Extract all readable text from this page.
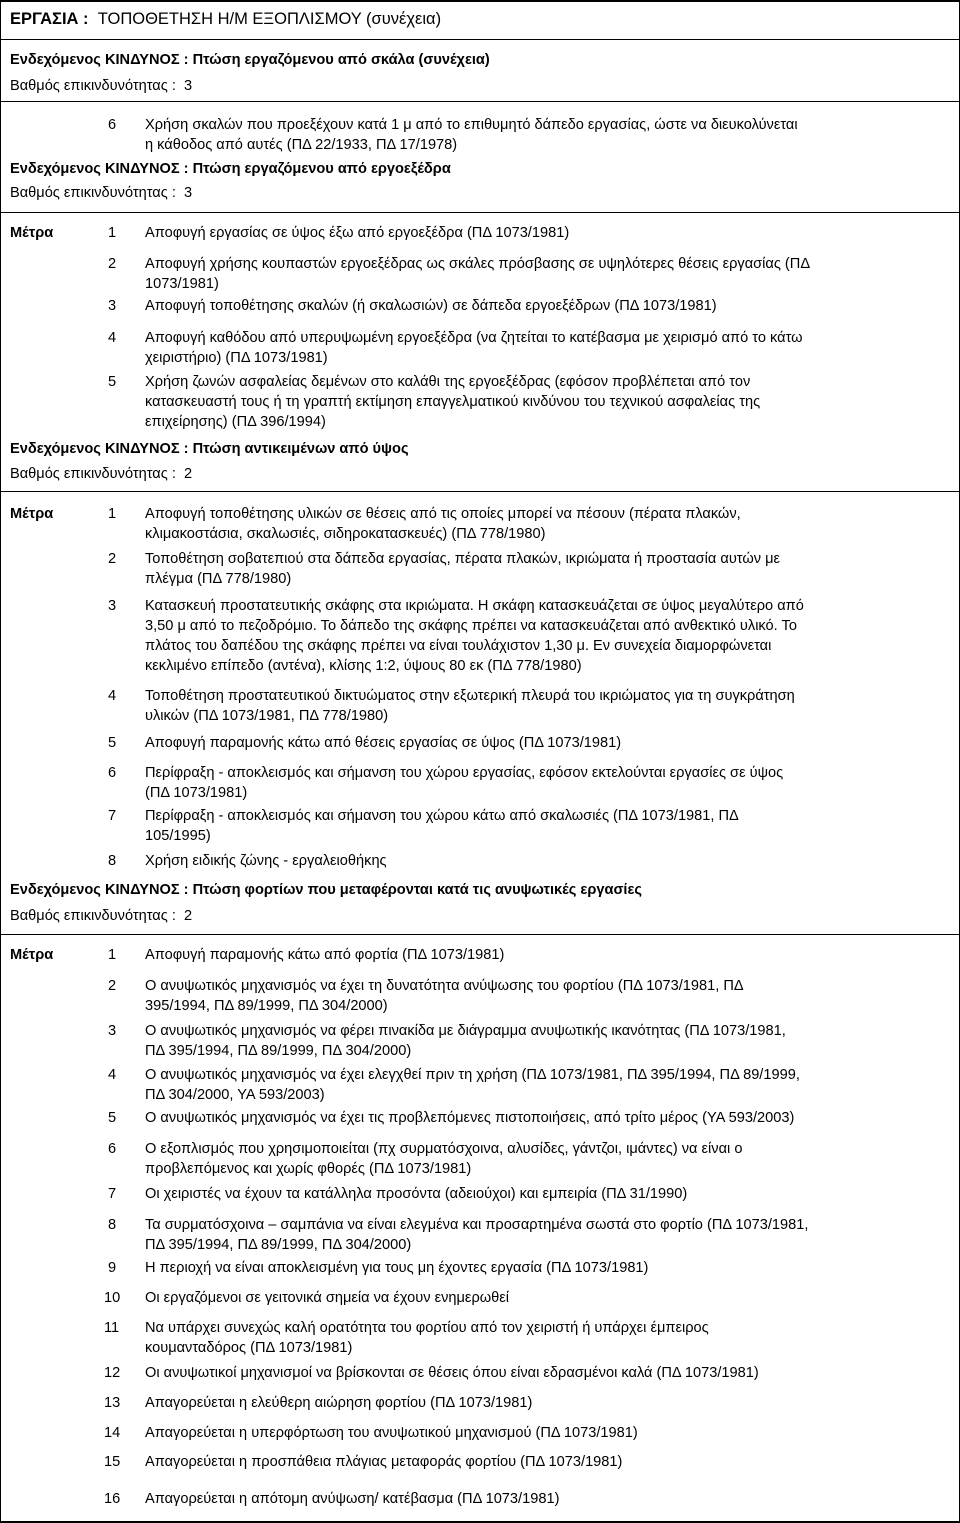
ΕΡΓΑΣΙΑ : ΤΟΠΟΘΕΤΗΣΗ Η/Μ ΕΞΟΠΛΙΣΜΟΥ (συνέχεια)
Ενδεχόμενος ΚΙΝΔΥΝΟΣ : Πτώση εργαζόμενου από σκάλα (συνέχεια)
Βαθμός επικινδυνότητας : 3
6 Χρήση σκαλών που προεξέχουν κατά 1 μ από το επιθυμητό δάπεδο εργασίας, ώστε να διευκολύνεται
η κάθοδος από αυτές (ΠΔ 22/1933, ΠΔ 17/1978)
Ενδεχόμενος ΚΙΝΔΥΝΟΣ : Πτώση εργαζόμενου από εργοεξέδρα
Βαθμός επικινδυνότητας : 3
Μέτρα	1 Αποφυγή εργασίας σε ύψος έξω από εργοεξέδρα (ΠΔ 1073/1981)
2 Αποφυγή χρήσης κουπαστών εργοεξέδρας ως σκάλες πρόσβασης σε υψηλότερες θέσεις εργασίας (ΠΔ
1073/1981)
3 Αποφυγή τοποθέτησης σκαλών (ή σκαλωσιών) σε δάπεδα εργοεξέδρων (ΠΔ 1073/1981)
4 Αποφυγή καθόδου από υπερυψωμένη εργοεξέδρα (να ζητείται το κατέβασμα με χειρισμό από το κάτω
χειριστήριο) (ΠΔ 1073/1981)
5 Χρήση ζωνών ασφαλείας δεμένων στο καλάθι της εργοεξέδρας (εφόσον προβλέπεται από τον
κατασκευαστή τους ή τη γραπτή εκτίμηση επαγγελματικού κινδύνου του τεχνικού ασφαλείας της
επιχείρησης) (ΠΔ 396/1994)
Ενδεχόμενος ΚΙΝΔΥΝΟΣ : Πτώση αντικειμένων από ύψος
Βαθμός επικινδυνότητας : 2
Μέτρα	1 Αποφυγή τοποθέτησης υλικών σε θέσεις από τις οποίες μπορεί να πέσουν (πέρατα πλακών,
κλιμακοστάσια, σκαλωσιές, σιδηροκατασκευές) (ΠΔ 778/1980)
2 Τοποθέτηση σοβατεπιού στα δάπεδα εργασίας, πέρατα πλακών, ικριώματα ή προστασία αυτών με
πλέγμα (ΠΔ 778/1980)
3 Κατασκευή προστατευτικής σκάφης στα ικριώματα. Η σκάφη κατασκευάζεται σε ύψος μεγαλύτερο από
3,50 μ από το πεζοδρόμιο. Το δάπεδο της σκάφης πρέπει να κατασκευάζεται από ανθεκτικό υλικό. Το
πλάτος του δαπέδου της σκάφης πρέπει να είναι τουλάχιστον 1,30 μ. Εν συνεχεία διαμορφώνεται
κεκλιμένο επίπεδο (αντένα), κλίσης 1:2, ύψους 80 εκ (ΠΔ 778/1980)
4 Τοποθέτηση προστατευτικού δικτυώματος στην εξωτερική πλευρά του ικριώματος για τη συγκράτηση
υλικών (ΠΔ 1073/1981, ΠΔ 778/1980)
5 Αποφυγή παραμονής κάτω από θέσεις εργασίας σε ύψος (ΠΔ 1073/1981)
6 Περίφραξη - αποκλεισμός και σήμανση του χώρου εργασίας, εφόσον εκτελούνται εργασίες σε ύψος
(ΠΔ 1073/1981)
7 Περίφραξη - αποκλεισμός και σήμανση του χώρου κάτω από σκαλωσιές (ΠΔ 1073/1981, ΠΔ
105/1995)
8 Χρήση ειδικής ζώνης - εργαλειοθήκης
Ενδεχόμενος ΚΙΝΔΥΝΟΣ : Πτώση φορτίων που μεταφέρονται κατά τις ανυψωτικές εργασίες
Βαθμός επικινδυνότητας : 2
Μέτρα	1 Αποφυγή παραμονής κάτω από φορτία (ΠΔ 1073/1981)
2 Ο ανυψωτικός μηχανισμός να έχει τη δυνατότητα ανύψωσης του φορτίου (ΠΔ 1073/1981, ΠΔ
395/1994, ΠΔ 89/1999, ΠΔ 304/2000)
3 Ο ανυψωτικός μηχανισμός να φέρει πινακίδα με διάγραμμα ανυψωτικής ικανότητας (ΠΔ 1073/1981,
ΠΔ 395/1994, ΠΔ 89/1999, ΠΔ 304/2000)
4 Ο ανυψωτικός μηχανισμός να έχει ελεγχθεί πριν τη χρήση (ΠΔ 1073/1981, ΠΔ 395/1994, ΠΔ 89/1999,
ΠΔ 304/2000, ΥΑ 593/2003)
5 Ο ανυψωτικός μηχανισμός να έχει τις προβλεπόμενες πιστοποιήσεις, από τρίτο μέρος (ΥΑ 593/2003)
6 Ο εξοπλισμός που χρησιμοποιείται (πχ συρματόσχοινα, αλυσίδες, γάντζοι, ιμάντες) να είναι ο
προβλεπόμενος και χωρίς φθορές (ΠΔ 1073/1981)
7 Οι χειριστές να έχουν τα κατάλληλα προσόντα (αδειούχοι) και εμπειρία (ΠΔ 31/1990)
8 Τα συρματόσχοινα – σαμπάνια να είναι ελεγμένα και προσαρτημένα σωστά στο φορτίο (ΠΔ 1073/1981,
ΠΔ 395/1994, ΠΔ 89/1999, ΠΔ 304/2000)
9 Η περιοχή να είναι αποκλεισμένη για τους μη έχοντες εργασία (ΠΔ 1073/1981)
10 Οι εργαζόμενοι σε γειτονικά σημεία να έχουν ενημερωθεί
11 Να υπάρχει συνεχώς καλή ορατότητα του φορτίου από τον χειριστή ή υπάρχει έμπειρος
κουμανταδόρος (ΠΔ 1073/1981)
12 Οι ανυψωτικοί μηχανισμοί να βρίσκονται σε θέσεις όπου είναι εδρασμένοι καλά (ΠΔ 1073/1981)
13 Απαγορεύεται η ελεύθερη αιώρηση φορτίου (ΠΔ 1073/1981)
14 Απαγορεύεται η υπερφόρτωση του ανυψωτικού μηχανισμού (ΠΔ 1073/1981)
15 Απαγορεύεται η προσπάθεια πλάγιας μεταφοράς φορτίου (ΠΔ 1073/1981)
16 Απαγορεύεται η απότομη ανύψωση/ κατέβασμα (ΠΔ 1073/1981)
